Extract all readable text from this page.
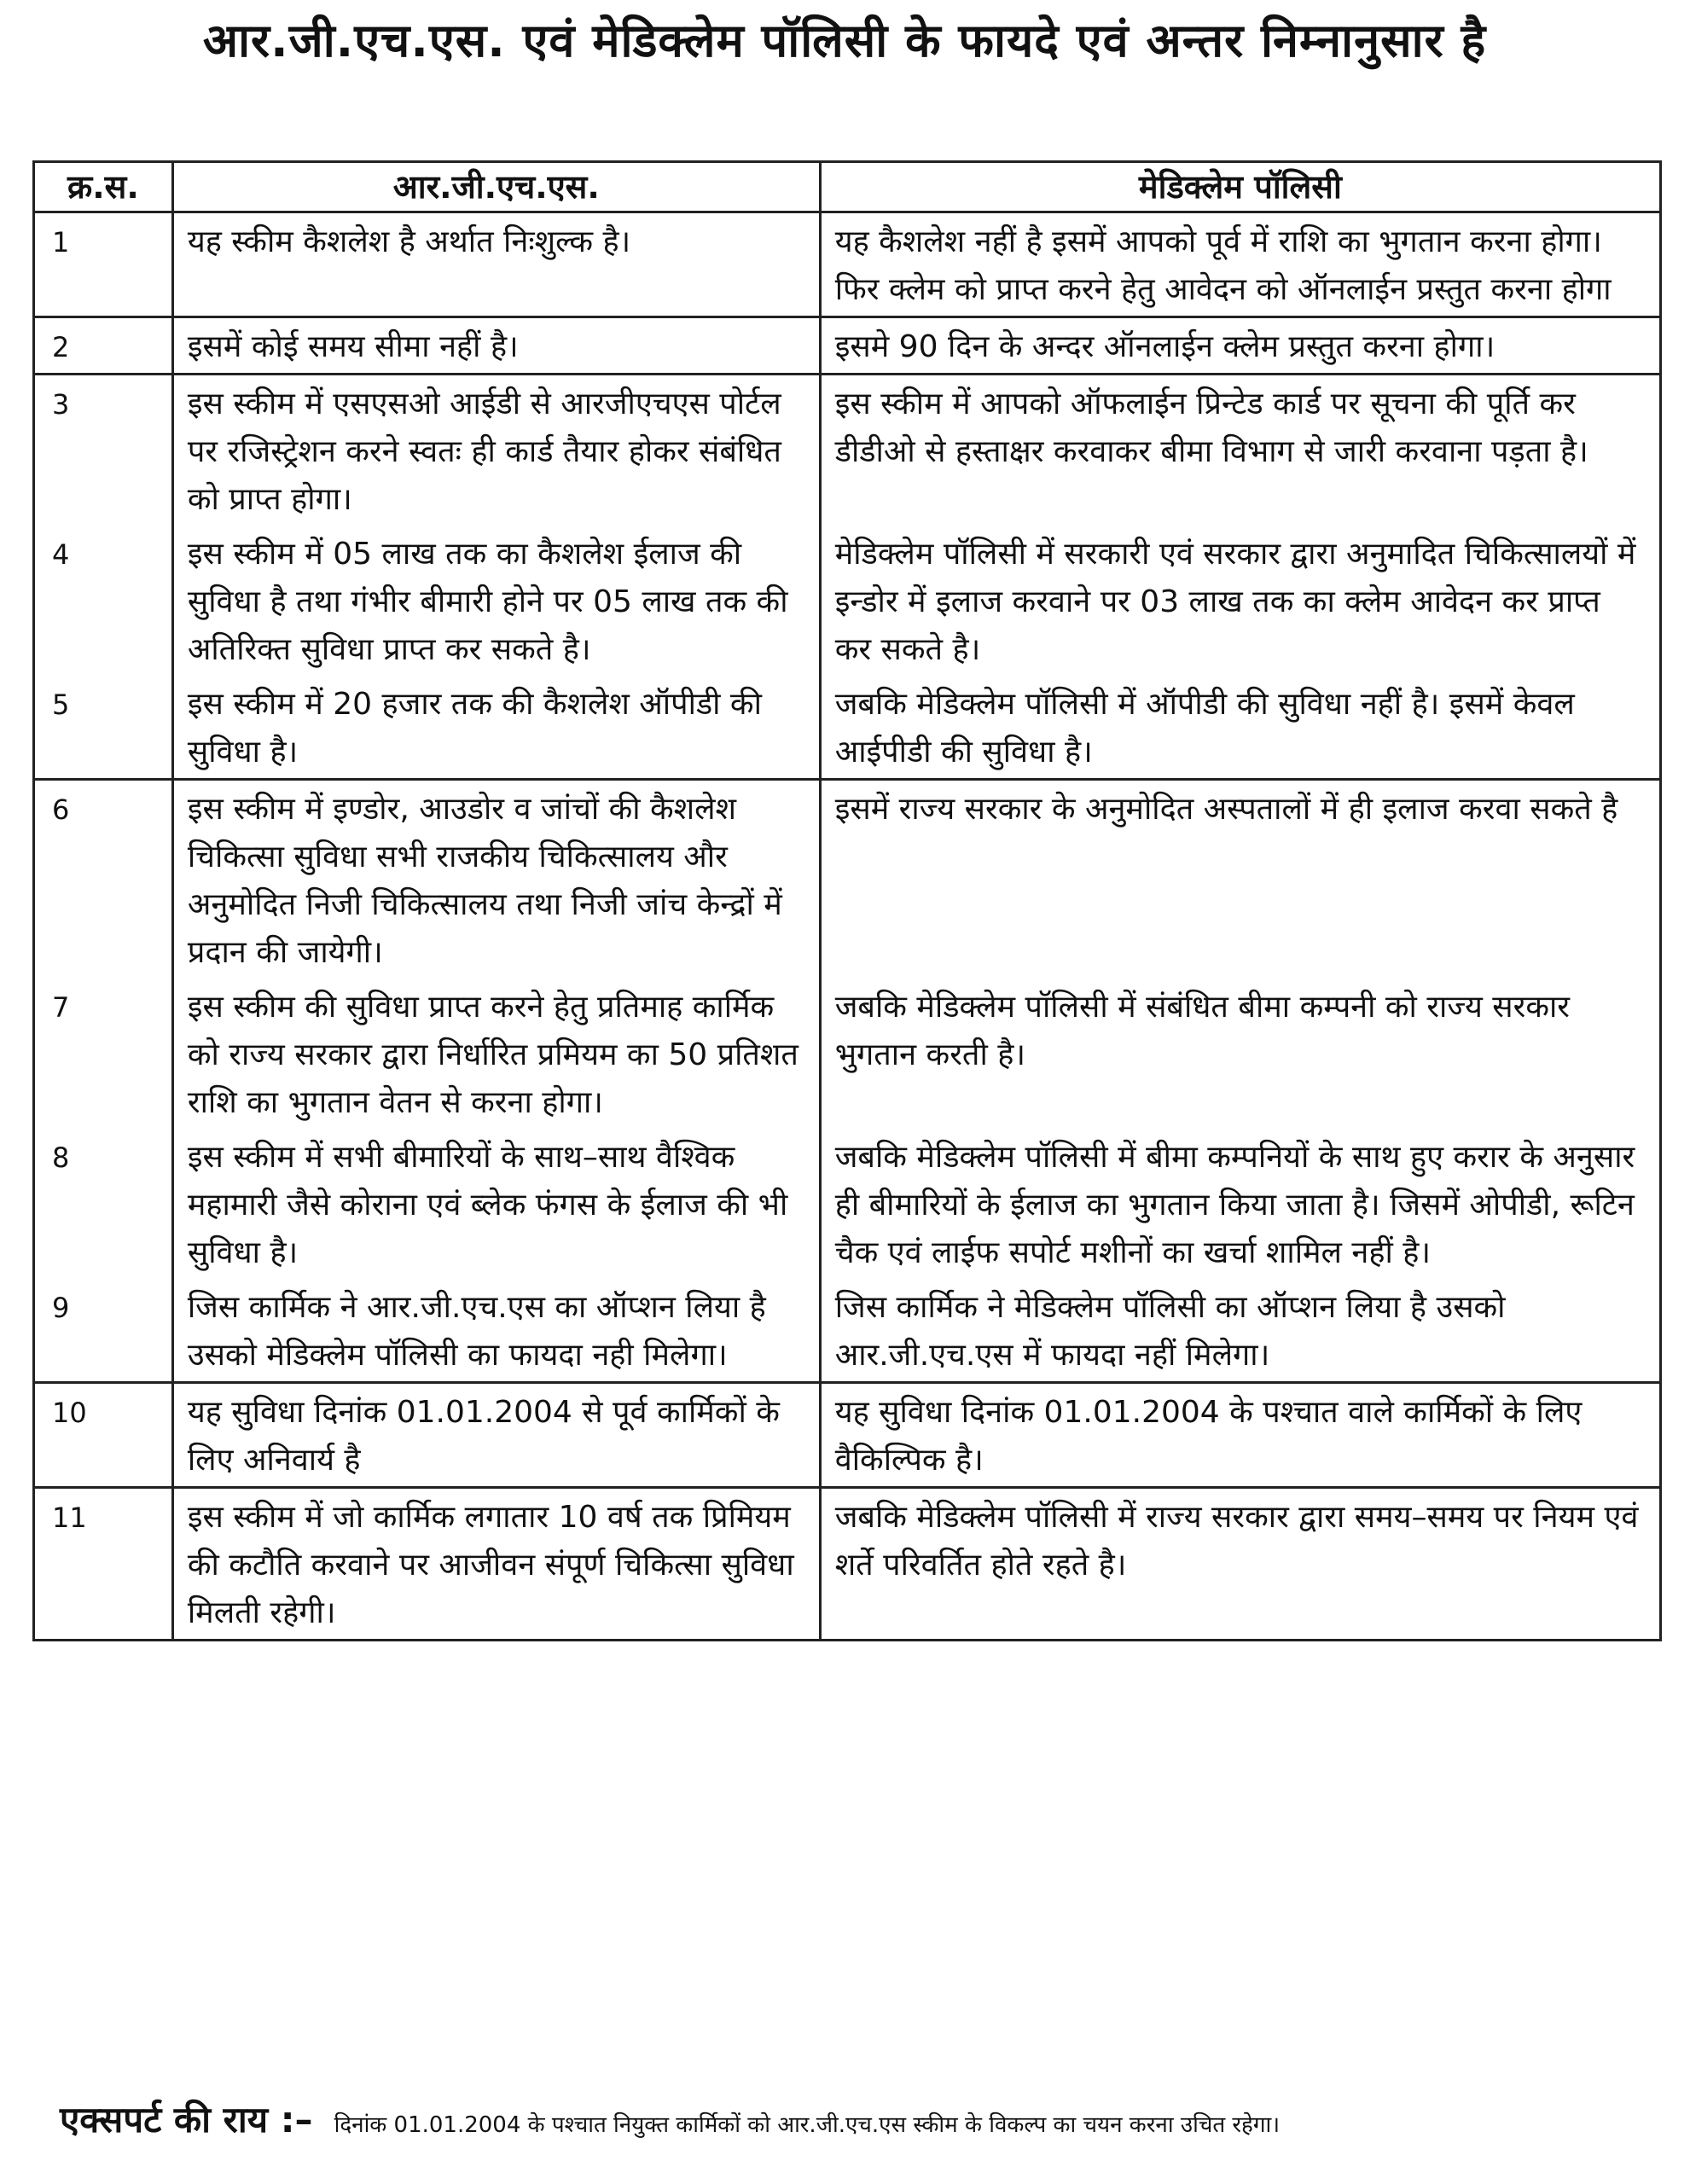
आर.जी.एच.एस. एवं मेडिक्लेम पॉलिसी के फायदे एवं अन्तर निम्नानुसार है
क्र.स.	आर.जी.एच.एस.	मेडिक्लेम पॉलिसी
1	यह स्कीम कैशलेश है अर्थात निःशुल्क है।	यह कैशलेश नहीं है इसमें आपको पूर्व में राशि का भुगतान करना होगा। फिर क्लेम को प्राप्त करने हेतु आवेदन को ऑनलाईन प्रस्तुत करना होगा
2	इसमें कोई समय सीमा नहीं है।	इसमे 90 दिन के अन्दर ऑनलाईन क्लेम प्रस्तुत करना होगा।
3	इस स्कीम में एसएसओ आईडी से आरजीएचएस पोर्टल पर रजिस्ट्रेशन करने स्वतः ही कार्ड तैयार होकर संबंधित को प्राप्त होगा।	इस स्कीम में आपको ऑफलाईन प्रिन्टेड कार्ड पर सूचना की पूर्ति कर डीडीओ से हस्ताक्षर करवाकर बीमा विभाग से जारी करवाना पड़ता है।
4	इस स्कीम में 05 लाख तक का कैशलेश ईलाज की सुविधा है तथा गंभीर बीमारी होने पर 05 लाख तक की अतिरिक्त सुविधा प्राप्त कर सकते है।	मेडिक्लेम पॉलिसी में सरकारी एवं सरकार द्वारा अनुमादित चिकित्सालयों में इन्डोर में इलाज करवाने पर 03 लाख तक का क्लेम आवेदन कर प्राप्त कर सकते है।
5	इस स्कीम में 20 हजार तक की कैशलेश ऑपीडी की सुविधा है।	जबकि मेडिक्लेम पॉलिसी में ऑपीडी की सुविधा नहीं है। इसमें केवल आईपीडी की सुविधा है।
6	इस स्कीम में इण्डोर, आउडोर व जांचों की कैशलेश चिकित्सा सुविधा सभी राजकीय चिकित्सालय और अनुमोदित निजी चिकित्सालय तथा निजी जांच केन्द्रों में प्रदान की जायेगी।	इसमें राज्य सरकार के अनुमोदित अस्पतालों में ही इलाज करवा सकते है
7	इस स्कीम की सुविधा प्राप्त करने हेतु प्रतिमाह कार्मिक को राज्य सरकार द्वारा निर्धारित प्रमियम का 50 प्रतिशत राशि का भुगतान वेतन से करना होगा।	जबकि मेडिक्लेम पॉलिसी में संबंधित बीमा कम्पनी को राज्य सरकार भुगतान करती है।
8	इस स्कीम में सभी बीमारियों के साथ–साथ वैश्विक महामारी जैसे कोराना एवं ब्लेक फंगस के ईलाज की भी सुविधा है।	जबकि मेडिक्लेम पॉलिसी में बीमा कम्पनियों के साथ हुए करार के अनुसार ही बीमारियों के ईलाज का भुगतान किया जाता है। जिसमें ओपीडी, रूटिन चैक एवं लाईफ सपोर्ट मशीनों का खर्चा शामिल नहीं है।
9	जिस कार्मिक ने आर.जी.एच.एस का ऑप्शन लिया है उसको मेडिक्लेम पॉलिसी का फायदा नही मिलेगा।	जिस कार्मिक ने मेडिक्लेम पॉलिसी का ऑप्शन लिया है उसको आर.जी.एच.एस में फायदा नहीं मिलेगा।
10	यह सुविधा दिनांक 01.01.2004 से पूर्व कार्मिकों के लिए अनिवार्य है	यह सुविधा दिनांक 01.01.2004 के पश्चात वाले कार्मिकों के लिए वैकिल्पिक है।
11	इस स्कीम में जो कार्मिक लगातार 10 वर्ष तक प्रिमियम की कटौति करवाने पर आजीवन संपूर्ण चिकित्सा सुविधा मिलती रहेगी।	जबकि मेडिक्लेम पॉलिसी में राज्य सरकार द्वारा समय–समय पर नियम एवं शर्ते परिवर्तित होते रहते है।
एक्सपर्ट की राय :– दिनांक 01.01.2004 के पश्चात नियुक्त कार्मिकों को आर.जी.एच.एस स्कीम के विकल्प का चयन करना उचित रहेगा।
